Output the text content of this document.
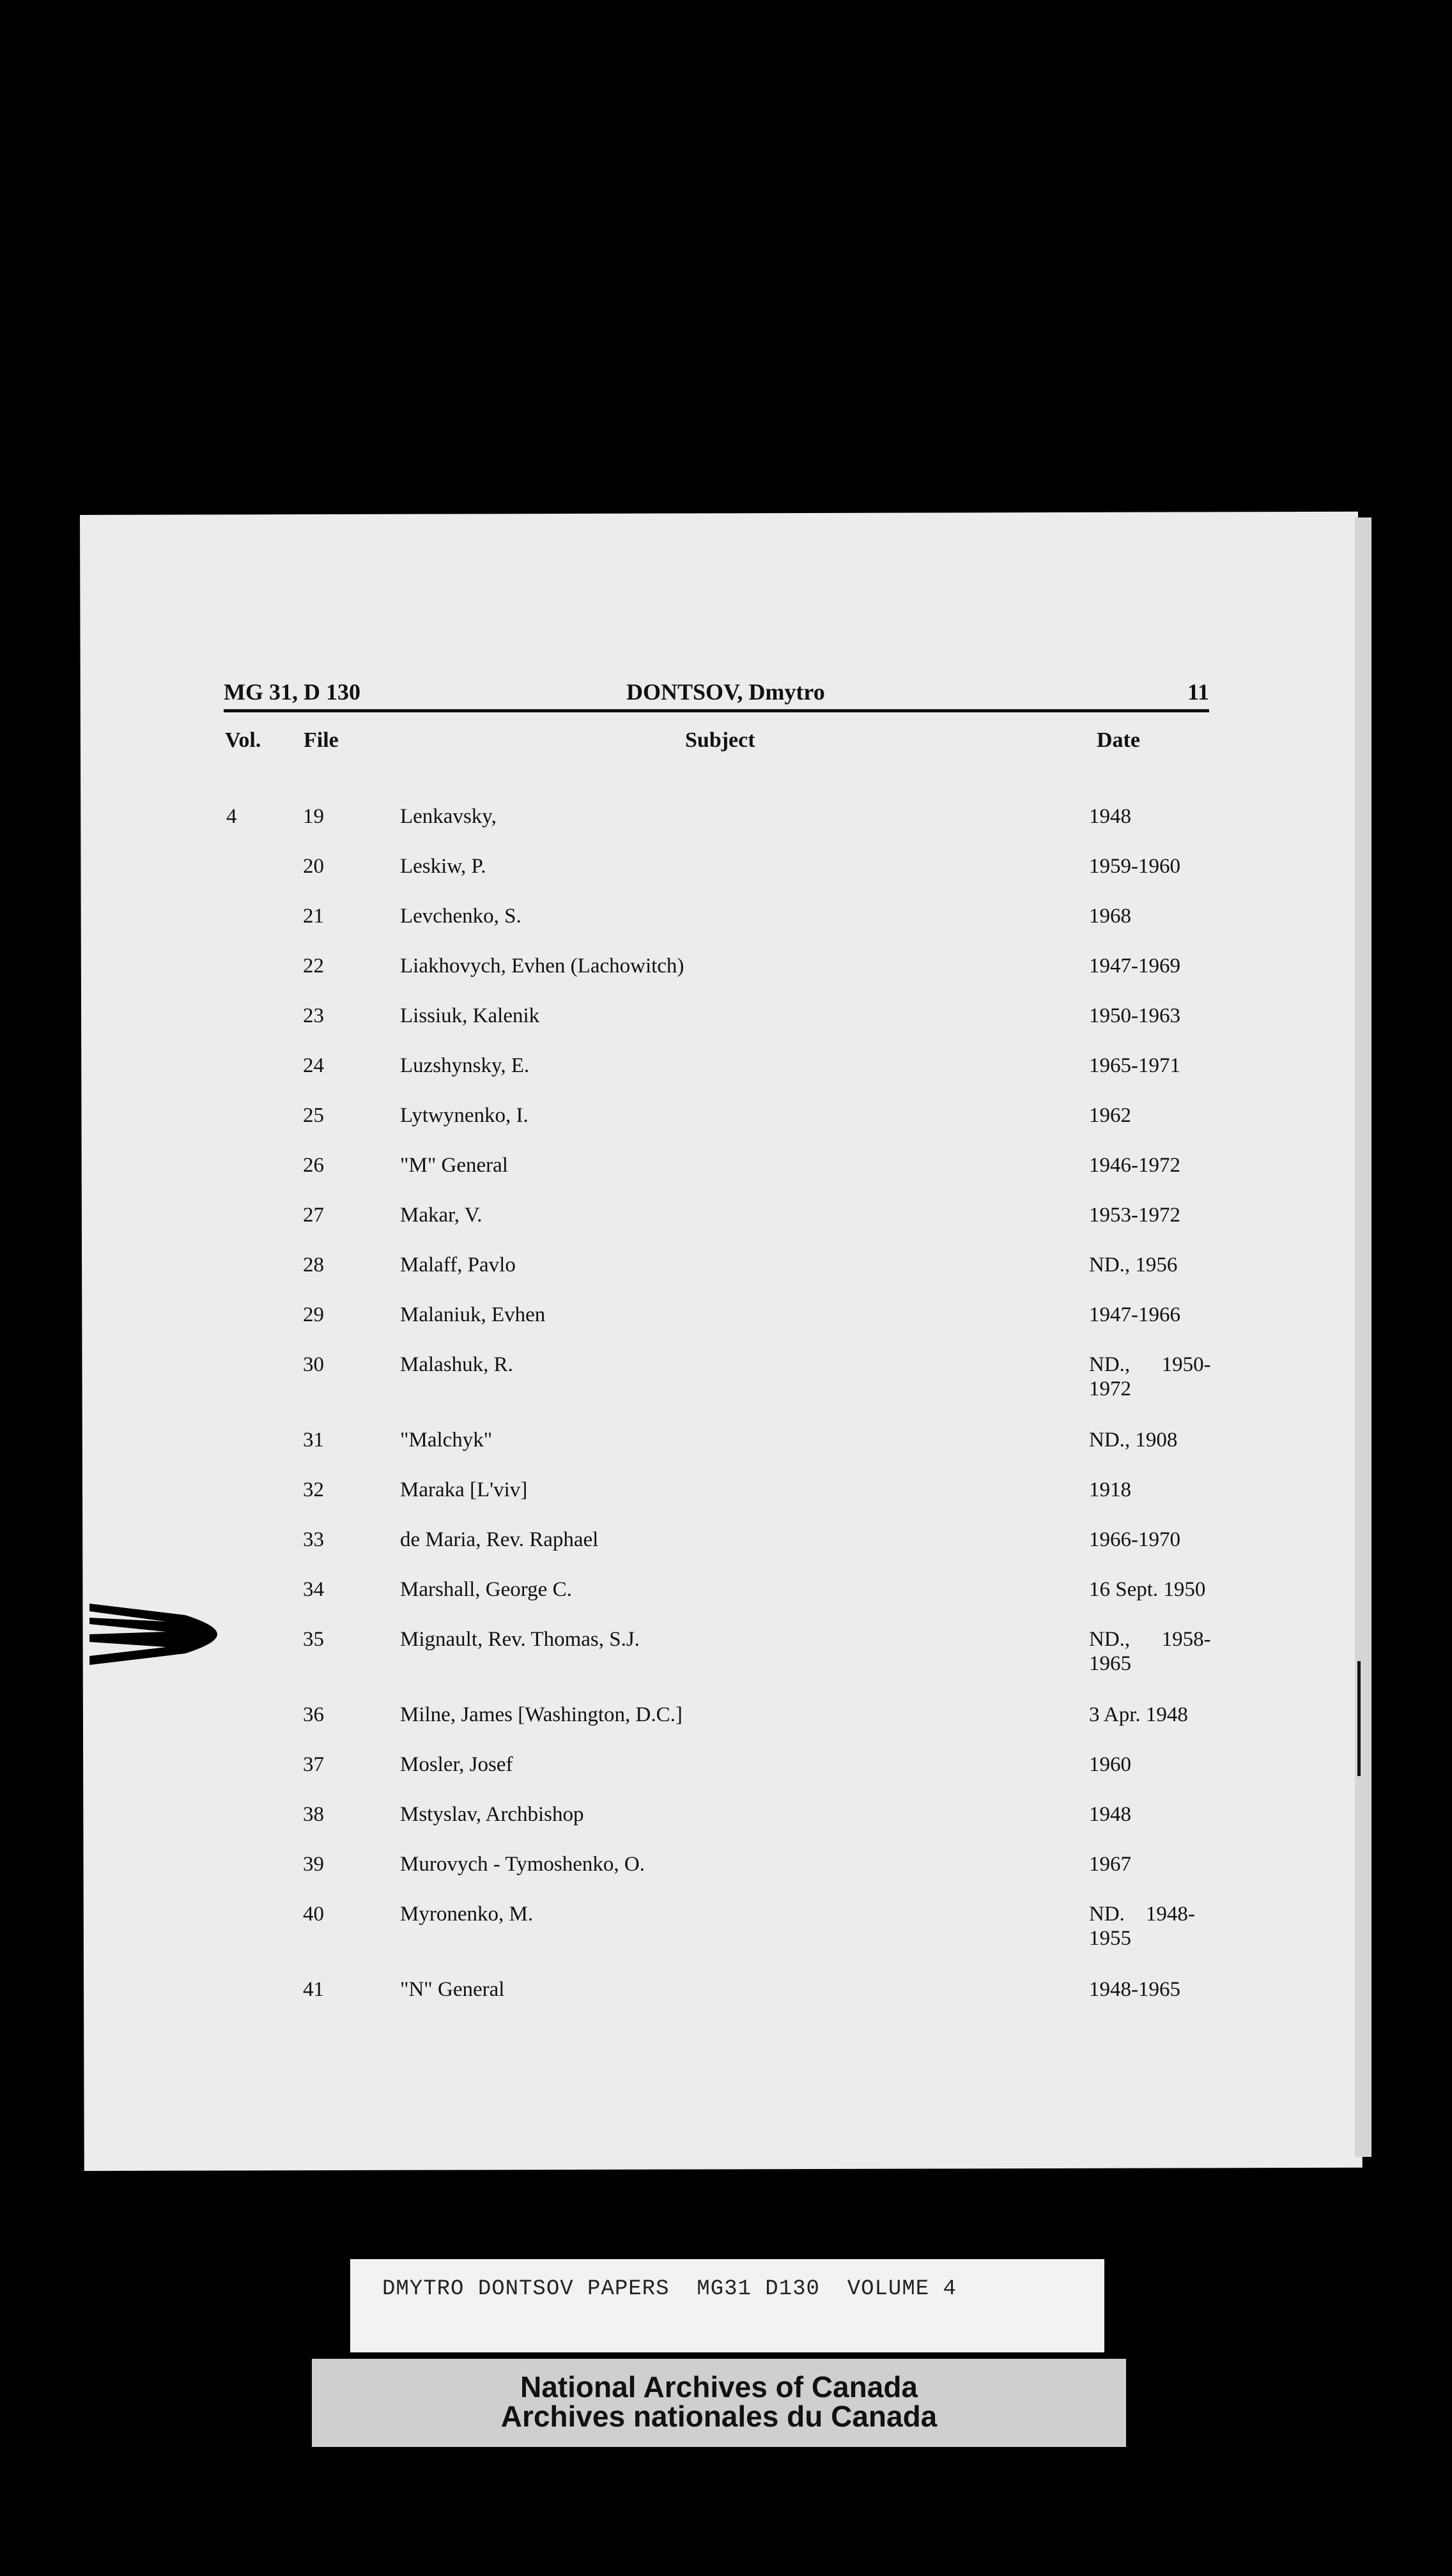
MG 31, D 130	DONTSOV, Dmytro	11
Vol. File	Subject	Date
4	19	Lenkavsky,	1948
20	Leskiw, P.	1959-1960
21	Levchenko, S.	1968
22	Liakhovych, Evhen (Lachowitch)	1947-1969
23	Lissiuk, Kalenik	1950-1963
24	Luzshynsky, E.	1965-1971
25	Lytwynenko, I.	1962
26	"M" General	1946-1972
27	Makar, V.	1953-1972
28	Malaff, Pavlo	ND., 1956
29	Malaniuk, Evhen	1947-1966
30	Malashuk, R.	ND.,      1950-
1972
31	"Malchyk"	ND., 1908
32	Maraka [L'viv]	1918
33	de Maria, Rev. Raphael	1966-1970
34	Marshall, George C.	16 Sept. 1950
35	Mignault, Rev. Thomas, S.J.	ND.,      1958-
1965
36	Milne, James [Washington, D.C.]	3 Apr. 1948
37	Mosler, Josef	1960
38	Mstyslav, Archbishop	1948
39	Murovych - Tymoshenko, O.	1967
40	Myronenko, M.	ND.    1948-
1955
41	"N" General	1948-1965
DMYTRO DONTSOV PAPERS  MG31 D130  VOLUME 4
National Archives of Canada
Archives nationales du Canada
